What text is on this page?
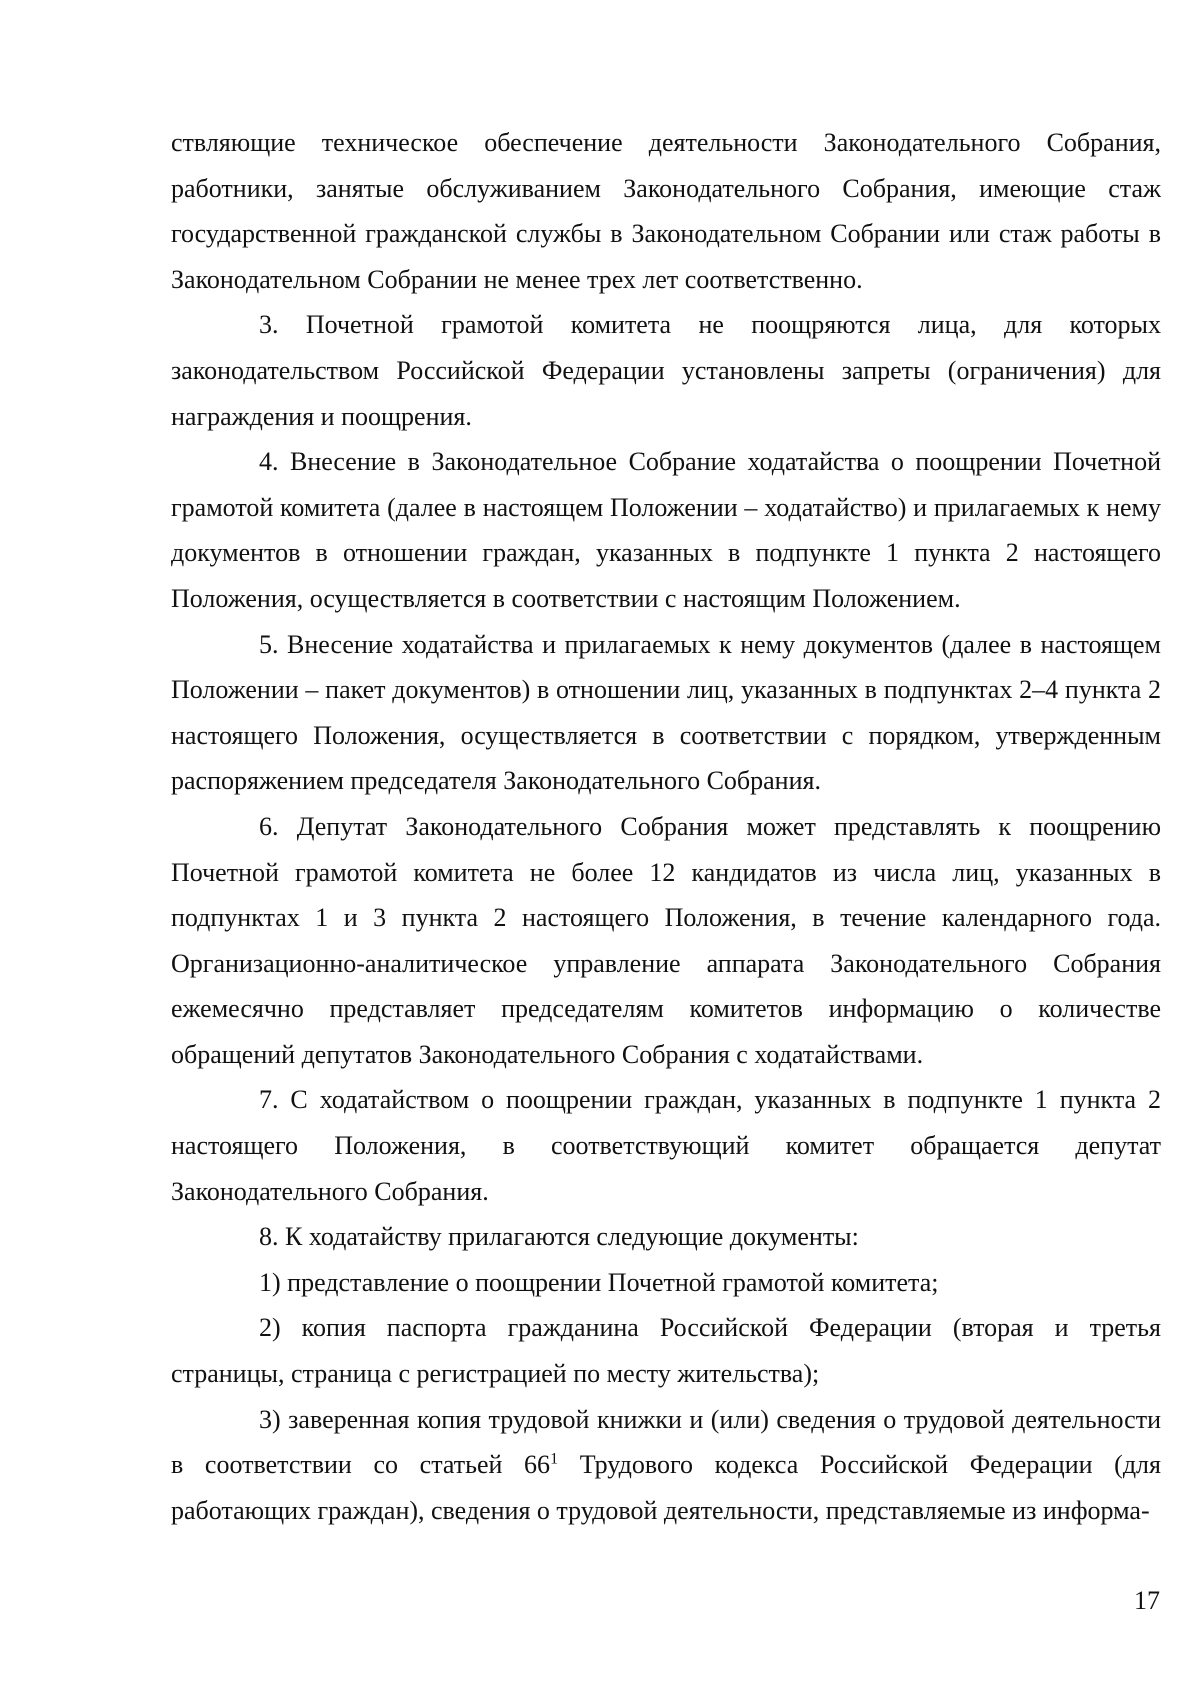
ствляющие техническое обеспечение деятельности Законодательного Собрания, работники, занятые обслуживанием Законодательного Собрания, имеющие стаж государственной гражданской службы в Законодательном Собрании или стаж работы в Законодательном Собрании не менее трех лет соответственно.

3. Почетной грамотой комитета не поощряются лица, для которых законодательством Российской Федерации установлены запреты (ограничения) для награждения и поощрения.

4. Внесение в Законодательное Собрание ходатайства о поощрении Почетной грамотой комитета (далее в настоящем Положении – ходатайство) и прилагаемых к нему документов в отношении граждан, указанных в подпункте 1 пункта 2 настоящего Положения, осуществляется в соответствии с настоящим Положением.

5. Внесение ходатайства и прилагаемых к нему документов (далее в настоящем Положении – пакет документов) в отношении лиц, указанных в подпунктах 2–4 пункта 2 настоящего Положения, осуществляется в соответствии с порядком, утвержденным распоряжением председателя Законодательного Собрания.

6. Депутат Законодательного Собрания может представлять к поощрению Почетной грамотой комитета не более 12 кандидатов из числа лиц, указанных в подпунктах 1 и 3 пункта 2 настоящего Положения, в течение календарного года. Организационно-аналитическое управление аппарата Законодательного Собрания ежемесячно представляет председателям комитетов информацию о количестве обращений депутатов Законодательного Собрания с ходатайствами.

7. С ходатайством о поощрении граждан, указанных в подпункте 1 пункта 2 настоящего Положения, в соответствующий комитет обращается депутат Законодательного Собрания.

8. К ходатайству прилагаются следующие документы:

1) представление о поощрении Почетной грамотой комитета;

2) копия паспорта гражданина Российской Федерации (вторая и третья страницы, страница с регистрацией по месту жительства);

3) заверенная копия трудовой книжки и (или) сведения о трудовой деятельности в соответствии со статьей $66^1$ Трудового кодекса Российской Федерации (для работающих граждан), сведения о трудовой деятельности, представляемые из информа-

17
